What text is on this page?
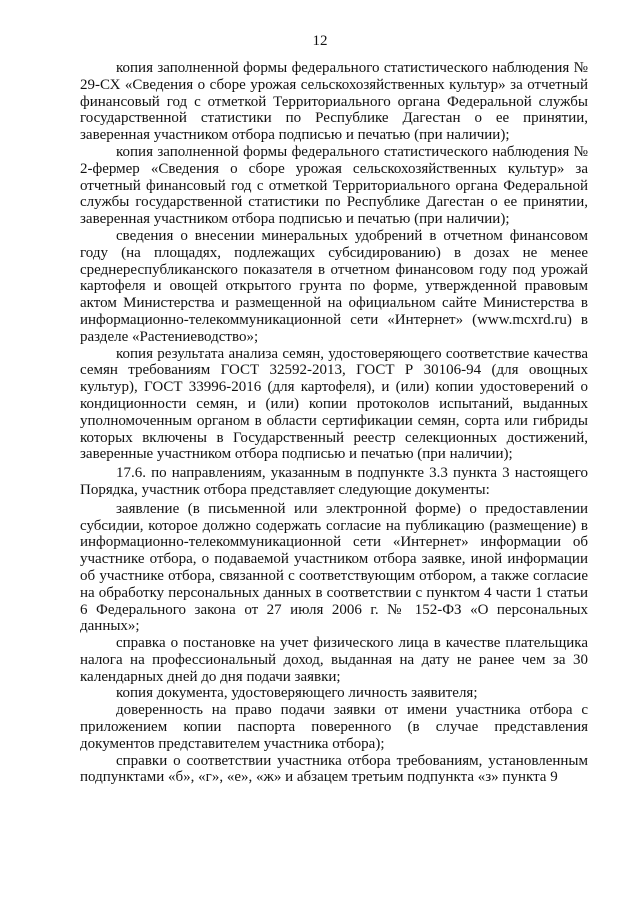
12

копия заполненной формы федерального статистического наблюдения № 29-СХ «Сведения о сборе урожая сельскохозяйственных культур» за отчетный финансовый год с отметкой Территориального органа Федеральной службы государственной статистики по Республике Дагестан о ее принятии, заверенная участником отбора подписью и печатью (при наличии);

копия заполненной формы федерального статистического наблюдения № 2-фермер «Сведения о сборе урожая сельскохозяйственных культур» за отчетный финансовый год с отметкой Территориального органа Федеральной службы государственной статистики по Республике Дагестан о ее принятии, заверенная участником отбора подписью и печатью (при наличии);

сведения о внесении минеральных удобрений в отчетном финансовом году (на площадях, подлежащих субсидированию) в дозах не менее среднереспубликанского показателя в отчетном финансовом году под урожай картофеля и овощей открытого грунта по форме, утвержденной правовым актом Министерства и размещенной на официальном сайте Министерства в информационно-телекоммуникационной сети «Интернет» (www.mcxrd.ru) в разделе «Растениеводство»;

копия результата анализа семян, удостоверяющего соответствие качества семян требованиям ГОСТ 32592-2013, ГОСТ Р 30106-94 (для овощных культур), ГОСТ 33996-2016 (для картофеля), и (или) копии удостоверений о кондиционности семян, и (или) копии протоколов испытаний, выданных уполномоченным органом в области сертификации семян, сорта или гибриды которых включены в Государственный реестр селекционных достижений, заверенные участником отбора подписью и печатью (при наличии);

17.6. по направлениям, указанным в подпункте 3.3 пункта 3 настоящего Порядка, участник отбора представляет следующие документы:

заявление (в письменной или электронной форме) о предоставлении субсидии, которое должно содержать согласие на публикацию (размещение) в информационно-телекоммуникационной сети «Интернет» информации об участнике отбора, о подаваемой участником отбора заявке, иной информации об участнике отбора, связанной с соответствующим отбором, а также согласие на обработку персональных данных в соответствии с пунктом 4 части 1 статьи 6 Федерального закона от 27 июля 2006 г. № 152-ФЗ «О персональных данных»;

справка о постановке на учет физического лица в качестве плательщика налога на профессиональный доход, выданная на дату не ранее чем за 30 календарных дней до дня подачи заявки;

копия документа, удостоверяющего личность заявителя;

доверенность на право подачи заявки от имени участника отбора с приложением копии паспорта поверенного (в случае представления документов представителем участника отбора);

справки о соответствии участника отбора требованиям, установленным подпунктами «б», «г», «е», «ж» и абзацем третьим подпункта «з» пункта 9
